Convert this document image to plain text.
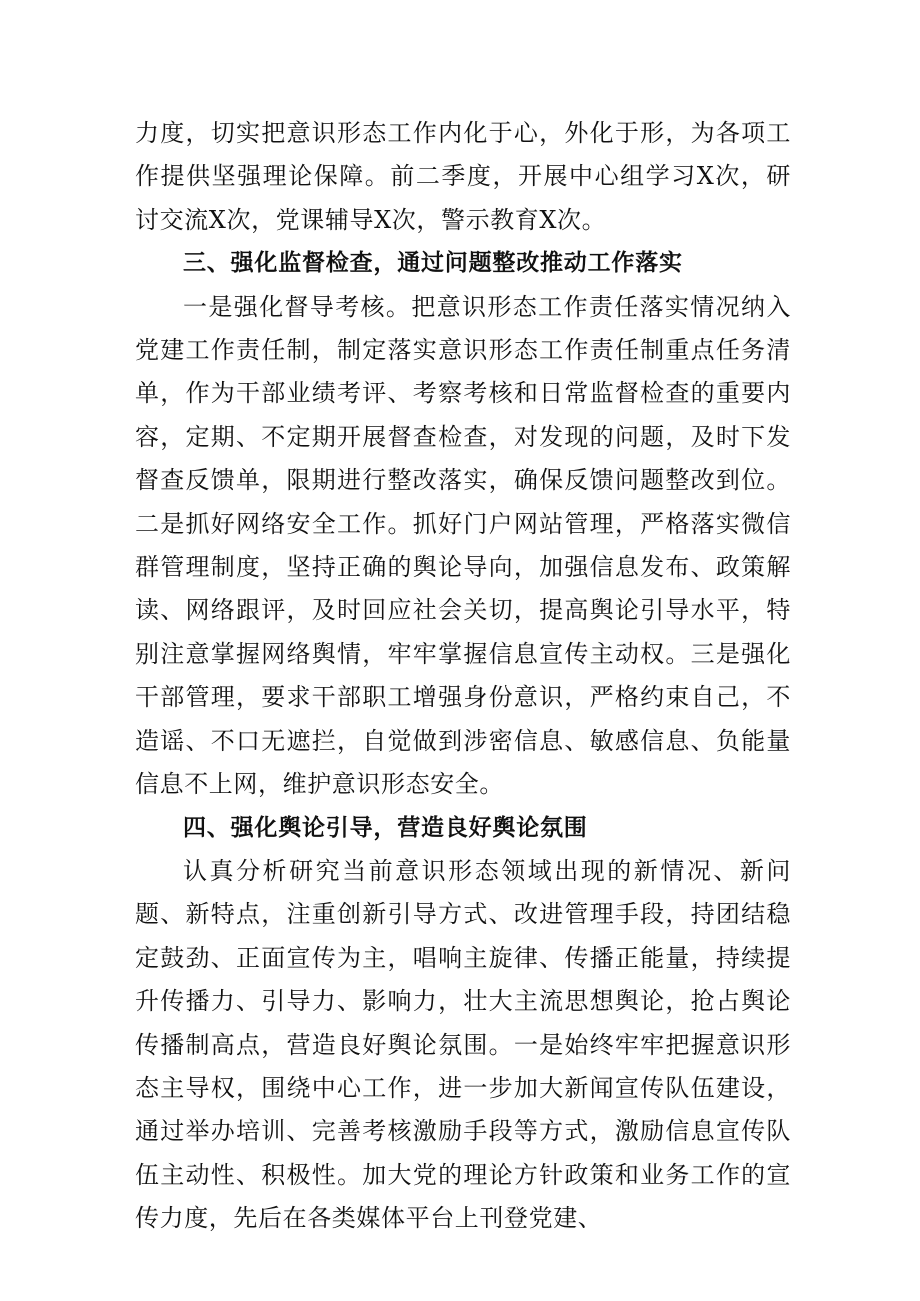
力度，切实把意识形态工作内化于心，外化于形，为各项工作提供坚强理论保障。前二季度，开展中心组学习X次，研讨交流X次，党课辅导X次，警示教育X次。

三、强化监督检查，通过问题整改推动工作落实

一是强化督导考核。把意识形态工作责任落实情况纳入党建工作责任制，制定落实意识形态工作责任制重点任务清单，作为干部业绩考评、考察考核和日常监督检查的重要内容，定期、不定期开展督查检查，对发现的问题，及时下发督查反馈单，限期进行整改落实，确保反馈问题整改到位。二是抓好网络安全工作。抓好门户网站管理，严格落实微信群管理制度，坚持正确的舆论导向，加强信息发布、政策解读、网络跟评，及时回应社会关切，提高舆论引导水平，特别注意掌握网络舆情，牢牢掌握信息宣传主动权。三是强化干部管理，要求干部职工增强身份意识，严格约束自己，不造谣、不口无遮拦，自觉做到涉密信息、敏感信息、负能量信息不上网，维护意识形态安全。

四、强化舆论引导，营造良好舆论氛围

认真分析研究当前意识形态领域出现的新情况、新问题、新特点，注重创新引导方式、改进管理手段，持团结稳定鼓劲、正面宣传为主，唱响主旋律、传播正能量，持续提升传播力、引导力、影响力，壮大主流思想舆论，抢占舆论传播制高点，营造良好舆论氛围。一是始终牢牢把握意识形态主导权，围绕中心工作，进一步加大新闻宣传队伍建设，通过举办培训、完善考核激励手段等方式，激励信息宣传队伍主动性、积极性。加大党的理论方针政策和业务工作的宣传力度，先后在各类媒体平台上刊登党建、
